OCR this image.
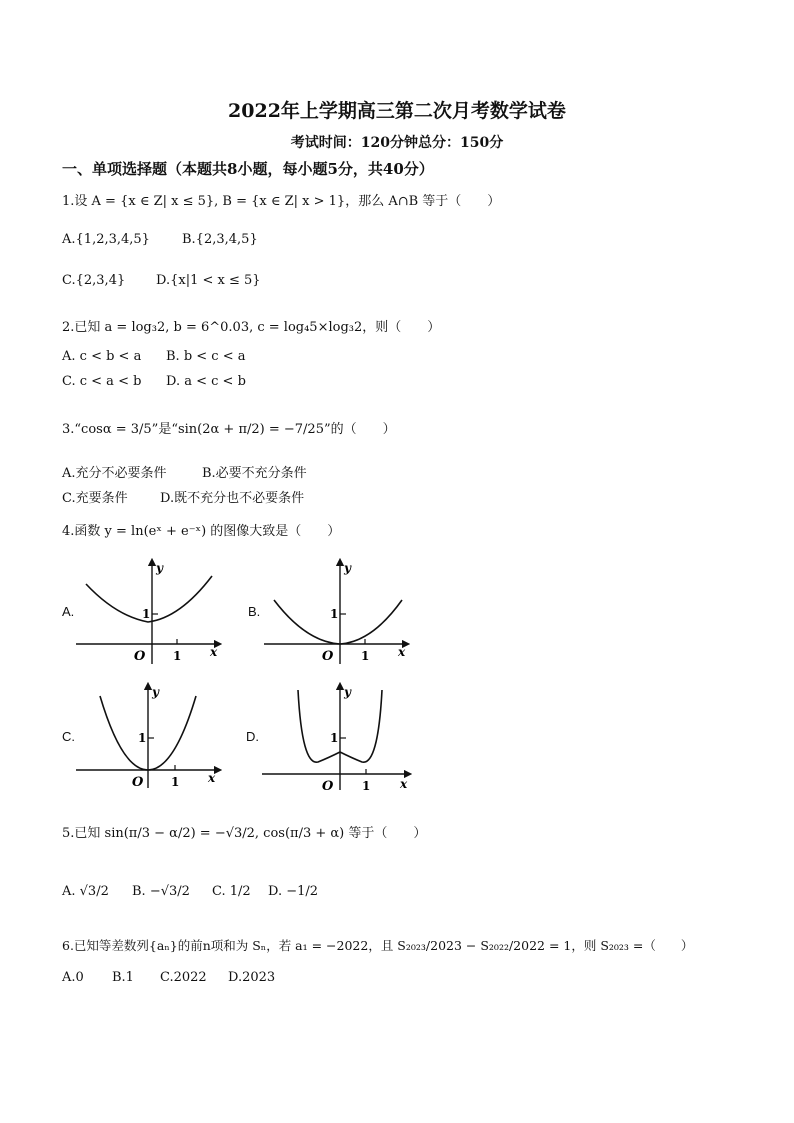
2022年上学期高三第二次月考数学试卷
考试时间：120分钟总分：150分
一、单项选择题（本题共8小题，每小题5分，共40分）
1.设 A = {x ∈ Z| x ≤ 5}, B = {x ∈ Z| x > 1}，那么 A∩B 等于（　　）
A.{1,2,3,4,5} B.{2,3,4,5}
C.{2,3,4} D.{x|1 < x ≤ 5}
2.已知 a = log₃2, b = 6^0.03, c = log₄5×log₃2，则（　　）
A. c < b < a B. b < c < a
C. c < a < b D. a < c < b
3.“cosα = 3/5”是“sin(2α + π/2) = −7/25”的（　　）
A.充分不必要条件	B.必要不充分条件
C.充要条件 D.既不充分也不必要条件
4.函数 y = ln(eˣ + e⁻ˣ) 的图像大致是（　　）
A.	B.
C.	D.
y
x
O
1
1
y
x
O
1
1
y
x
O
1
1
y
x
O
1
1
5.已知 sin(π/3 − α/2) = −√3/2, cos(π/3 + α) 等于（　　）
A. √3/2 B. −√3/2 C. 1/2 D. −1/2
6.已知等差数列{aₙ}的前n项和为 Sₙ，若 a₁ = −2022，且 S₂₀₂₃/2023 − S₂₀₂₂/2022 = 1，则 S₂₀₂₃ =（　　）
A.0 B.1 C.2022 D.2023
